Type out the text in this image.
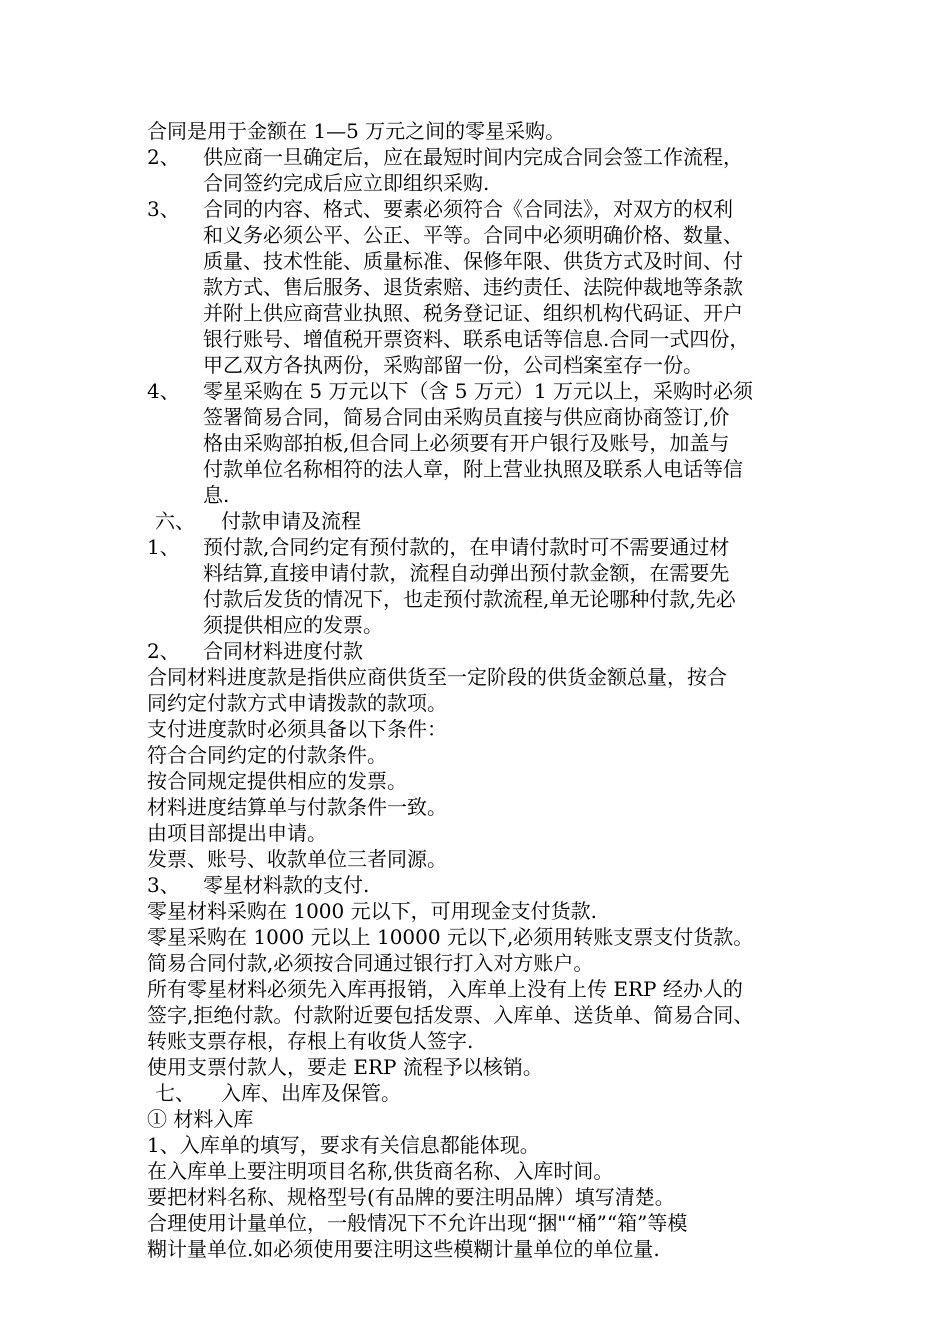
合同是用于金额在 1—5 万元之间的零星采购。
2、	供应商一旦确定后，应在最短时间内完成合同会签工作流程，
合同签约完成后应立即组织采购.
3、	合同的内容、格式、要素必须符合《合同法》，对双方的权利
和义务必须公平、公正、平等。合同中必须明确价格、数量、
质量、技术性能、质量标准、保修年限、供货方式及时间、付
款方式、售后服务、退货索赔、违约责任、法院仲裁地等条款
并附上供应商营业执照、税务登记证、组织机构代码证、开户
银行账号、增值税开票资料、联系电话等信息.合同一式四份，
甲乙双方各执两份，采购部留一份，公司档案室存一份。
4、	零星采购在 5 万元以下（含 5 万元）1 万元以上，采购时必须
签署简易合同，简易合同由采购员直接与供应商协商签订,价
格由采购部拍板,但合同上必须要有开户银行及账号，加盖与
付款单位名称相符的法人章，附上营业执照及联系人电话等信
息.
六、 付款申请及流程
1、	预付款,合同约定有预付款的，在申请付款时可不需要通过材
料结算,直接申请付款，流程自动弹出预付款金额，在需要先
付款后发货的情况下，也走预付款流程,单无论哪种付款,先必
须提供相应的发票。
2、	合同材料进度付款
合同材料进度款是指供应商供货至一定阶段的供货金额总量，按合
同约定付款方式申请拨款的款项。
支付进度款时必须具备以下条件：
符合合同约定的付款条件。
按合同规定提供相应的发票。
材料进度结算单与付款条件一致。
由项目部提出申请。
发票、账号、收款单位三者同源。
3、	零星材料款的支付.
零星材料采购在 1000 元以下，可用现金支付货款.
零星采购在 1000 元以上 10000 元以下,必须用转账支票支付货款。
简易合同付款,必须按合同通过银行打入对方账户。
所有零星材料必须先入库再报销，入库单上没有上传 ERP 经办人的
签字,拒绝付款。付款附近要包括发票、入库单、送货单、简易合同、
转账支票存根，存根上有收货人签字.
使用支票付款人，要走 ERP 流程予以核销。
七、 入库、出库及保管。
① 材料入库
1、入库单的填写，要求有关信息都能体现。
在入库单上要注明项目名称,供货商名称、入库时间。
要把材料名称、规格型号(有品牌的要注明品牌）填写清楚。
合理使用计量单位，一般情况下不允许出现“捆"“桶”“箱”等模
糊计量单位.如必须使用要注明这些模糊计量单位的单位量.
